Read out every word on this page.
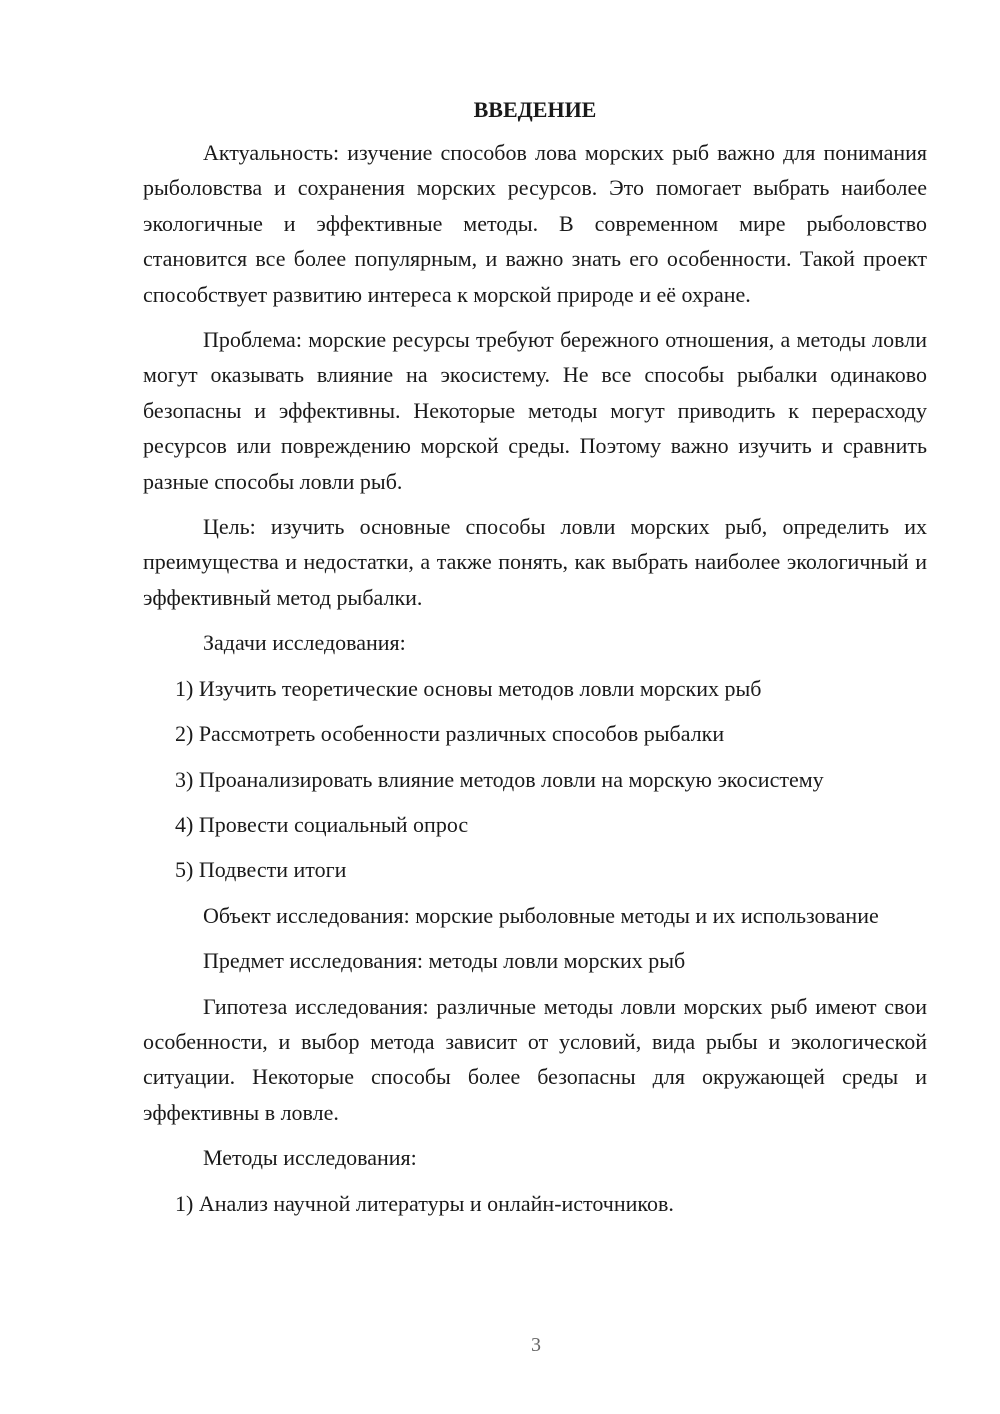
ВВЕДЕНИЕ

Актуальность: изучение способов лова морских рыб важно для понимания рыболовства и сохранения морских ресурсов. Это помогает выбрать наиболее экологичные и эффективные методы. В современном мире рыболовство становится все более популярным, и важно знать его особенности. Такой проект способствует развитию интереса к морской природе и её охране.

Проблема: морские ресурсы требуют бережного отношения, а методы ловли могут оказывать влияние на экосистему. Не все способы рыбалки одинаково безопасны и эффективны. Некоторые методы могут приводить к перерасходу ресурсов или повреждению морской среды. Поэтому важно изучить и сравнить разные способы ловли рыб.

Цель: изучить основные способы ловли морских рыб, определить их преимущества и недостатки, а также понять, как выбрать наиболее экологичный и эффективный метод рыбалки.

Задачи исследования:

1) Изучить теоретические основы методов ловли морских рыб

2) Рассмотреть особенности различных способов рыбалки

3) Проанализировать влияние методов ловли на морскую экосистему

4) Провести социальный опрос

5) Подвести итоги

Объект исследования: морские рыболовные методы и их использование

Предмет исследования: методы ловли морских рыб

Гипотеза исследования: различные методы ловли морских рыб имеют свои особенности, и выбор метода зависит от условий, вида рыбы и экологической ситуации. Некоторые способы более безопасны для окружающей среды и эффективны в ловле.

Методы исследования:

1) Анализ научной литературы и онлайн-источников.

3
